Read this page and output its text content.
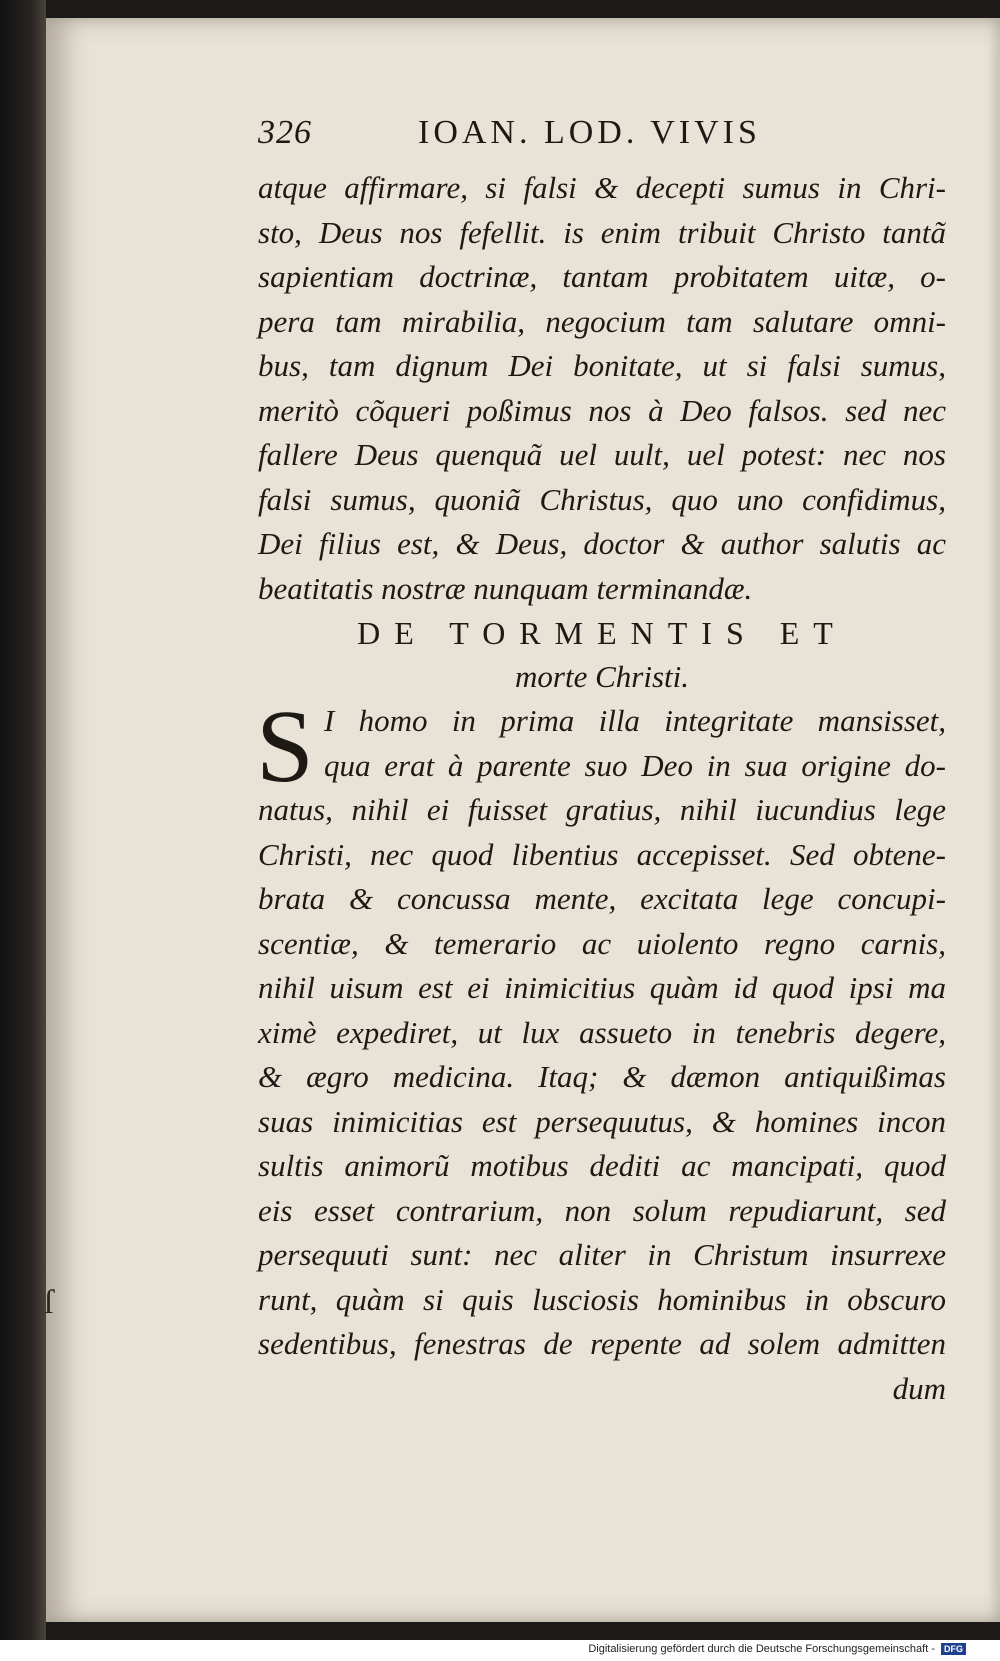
ſ
326	IOAN. LOD. VIVIS
atque affirmare, si falsi & decepti sumus in Chri-
sto, Deus nos fefellit. is enim tribuit Christo tantã
sapientiam doctrinæ, tantam probitatem uitæ, o-
pera tam mirabilia, negocium tam salutare omni-
bus, tam dignum Dei bonitate, ut si falsi sumus,
meritò cõqueri poßimus nos à Deo falsos. sed nec
fallere Deus quenquã uel uult, uel potest: nec nos
falsi sumus, quoniã Christus, quo uno confidimus,
Dei filius est, & Deus, doctor & author salutis ac
beatitatis nostræ nunquam terminandæ.
DE TORMENTIS ET
morte Christi.
S I homo in prima illa integritate mansisset,
qua erat à parente suo Deo in sua origine do-
natus, nihil ei fuisset gratius, nihil iucundius lege
Christi, nec quod libentius accepisset. Sed obtene-
brata & concussa mente, excitata lege concupi-
scentiæ, & temerario ac uiolento regno carnis,
nihil uisum est ei inimicitius quàm id quod ipsi ma
ximè expediret, ut lux assueto in tenebris degere,
& ægro medicina. Itaq; & dæmon antiquißimas
suas inimicitias est persequutus, & homines incon
sultis animorũ motibus dediti ac mancipati, quod
eis esset contrarium, non solum repudiarunt, sed
persequuti sunt: nec aliter in Christum insurrexe
runt, quàm si quis lusciosis hominibus in obscuro
sedentibus, fenestras de repente ad solem admitten
dum
Digitalisierung gefördert durch die Deutsche Forschungsgemeinschaft -	DFG
